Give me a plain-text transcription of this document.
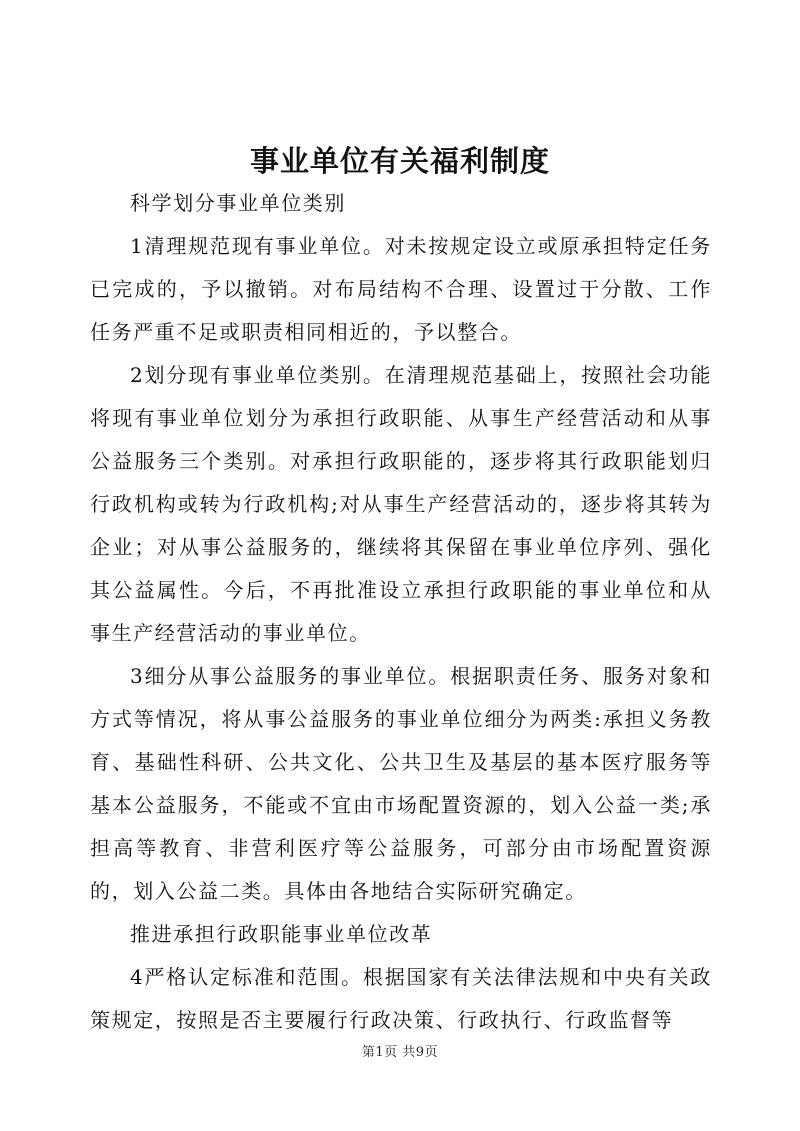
事业单位有关福利制度

科学划分事业单位类别

1清理规范现有事业单位。对未按规定设立或原承担特定任务已完成的，予以撤销。对布局结构不合理、设置过于分散、工作任务严重不足或职责相同相近的，予以整合。

2划分现有事业单位类别。在清理规范基础上，按照社会功能将现有事业单位划分为承担行政职能、从事生产经营活动和从事公益服务三个类别。对承担行政职能的，逐步将其行政职能划归行政机构或转为行政机构;对从事生产经营活动的，逐步将其转为企业；对从事公益服务的，继续将其保留在事业单位序列、强化其公益属性。今后，不再批准设立承担行政职能的事业单位和从事生产经营活动的事业单位。

3细分从事公益服务的事业单位。根据职责任务、服务对象和方式等情况，将从事公益服务的事业单位细分为两类:承担义务教育、基础性科研、公共文化、公共卫生及基层的基本医疗服务等基本公益服务，不能或不宜由市场配置资源的，划入公益一类;承担高等教育、非营利医疗等公益服务，可部分由市场配置资源的，划入公益二类。具体由各地结合实际研究确定。

推进承担行政职能事业单位改革

4严格认定标准和范围。根据国家有关法律法规和中央有关政策规定，按照是否主要履行行政决策、行政执行、行政监督等

第1页 共9页
